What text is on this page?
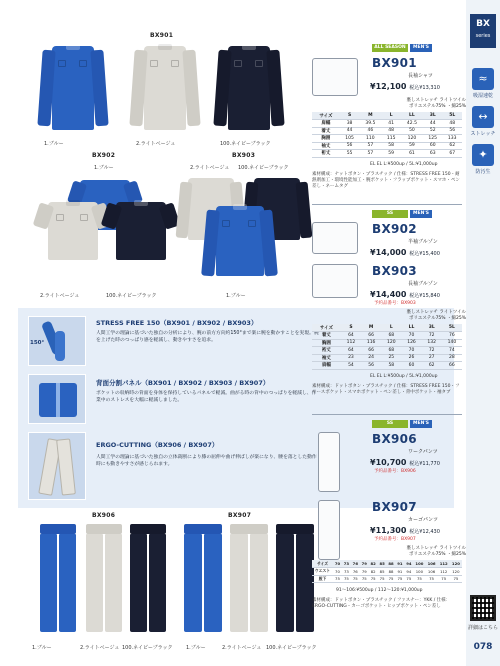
BX
series
≈
吸湿速乾
↔
ストレッチ
✦
防汚生
詳細はこちら
078
BX901
1.ブルー	2.ライトベージュ	100.ネイビーブラック
BX902	BX903
1.ブルー	2.ライトベージュ 100.ネイビーブラック
2.ライトベージュ	100.ネイビーブラック	1.ブルー
150°
STRESS FREE 150（BX901 / BX902 / BX903）
人間工学の理論に基づいた独自の分析により、腕の前方方向約150°まで楽に腕を動かすことを実現。腕を上げた時のつっぱり感を軽減し、動きやすさを追求。
背面分割パネル（BX901 / BX902 / BX903 / BX907）
ポケットの収納時の背面を身体を保持しているパネルで軽減。曲がる時の背中のつっぱりを軽減し、作業中のストレスを大幅に軽減しました。
ERGO-CUTTING（BX906 / BX907）
人間工学の理論に基づいた独自の立体裁断により膝の屈伸や曲げ伸ばしが楽になり、腰を落とした動作時にも動きやすさが感じられます。
BX906	BX907
1.ブルー	2.ライトベージュ 100.ネイビーブラック	1.ブルー	2.ライトベージュ 100.ネイビーブラック
ALL SEASON	MEN'S
BX901
長袖シャツ
¥12,100 税込¥13,310
裏しストレッチ ライトツイル
ポリエステル75% ・綿25%
サイズ	S	M	L	LL	3L	5L
肩幅	38	39.5	41	42.5	44	48
着丈	44	46	48	50	52	56
胸囲	105	110	115	120	125	133
袖丈	56	57	58	59	60	62
裄丈	55	57	59	61	63	67
EL EL L:¥500up / 5L:¥1,000up
素材構成：ナットボタン・プラスチック / 仕様：STRESS FREE 150・耐熱剤加工・環境性能加工・腕ポケット・フラップポケット・スマホ・ペン差し・ネームタグ
SS	MEN'S
BX902
半袖ブルゾン
¥14,000 税込¥15,400
BX903
長袖ブルゾン
¥14,400 税込¥15,840
予約品番号：BX903
裏しストレッチ ライトツイル
ポリエステル75% ・綿25%
サイズ	S	M	L	LL	3L	5L
着丈	64	66	68	70	72	76
胸囲	112	116	120	126	132	140
裄丈	64	66	68	70	72	74
袖丈	23	24	25	26	27	28
肩幅	54	56	58	60	62	66
EL EL L:¥500up / 5L:¥1,000up
素材構成：ドットボタン・プラスチック / 仕様：STRESS FREE 150・フリースポケット・スマホポケット・ペン差し・背中ポケット・袖タブ
SS	MEN'S
BX906
ワークパンツ
¥10,700 税込¥11,770
予約品番号：BX906
BX907
カーゴパンツ
¥11,300 税込¥12,430
予約品番号：BX907
裏しストレッチ ライトツイル
ポリエステル75% ・綿25%
サイズ	70	73	76	79	82	85	88	91	94	100	106	112	120
ウエスト	70	73	76	79	82	85	88	91	94	100	106	112	120
股下	75	75	75	75	75	75	75	75	75	75	75	75	75
91〜106:¥500up / 112〜120:¥1,000up
素材構成：ドットボタン・プラスチック / ファスナー：YKK / 仕様：ERGO-CUTTING・カーゴポケット・ヒップポケット・ペン差し
